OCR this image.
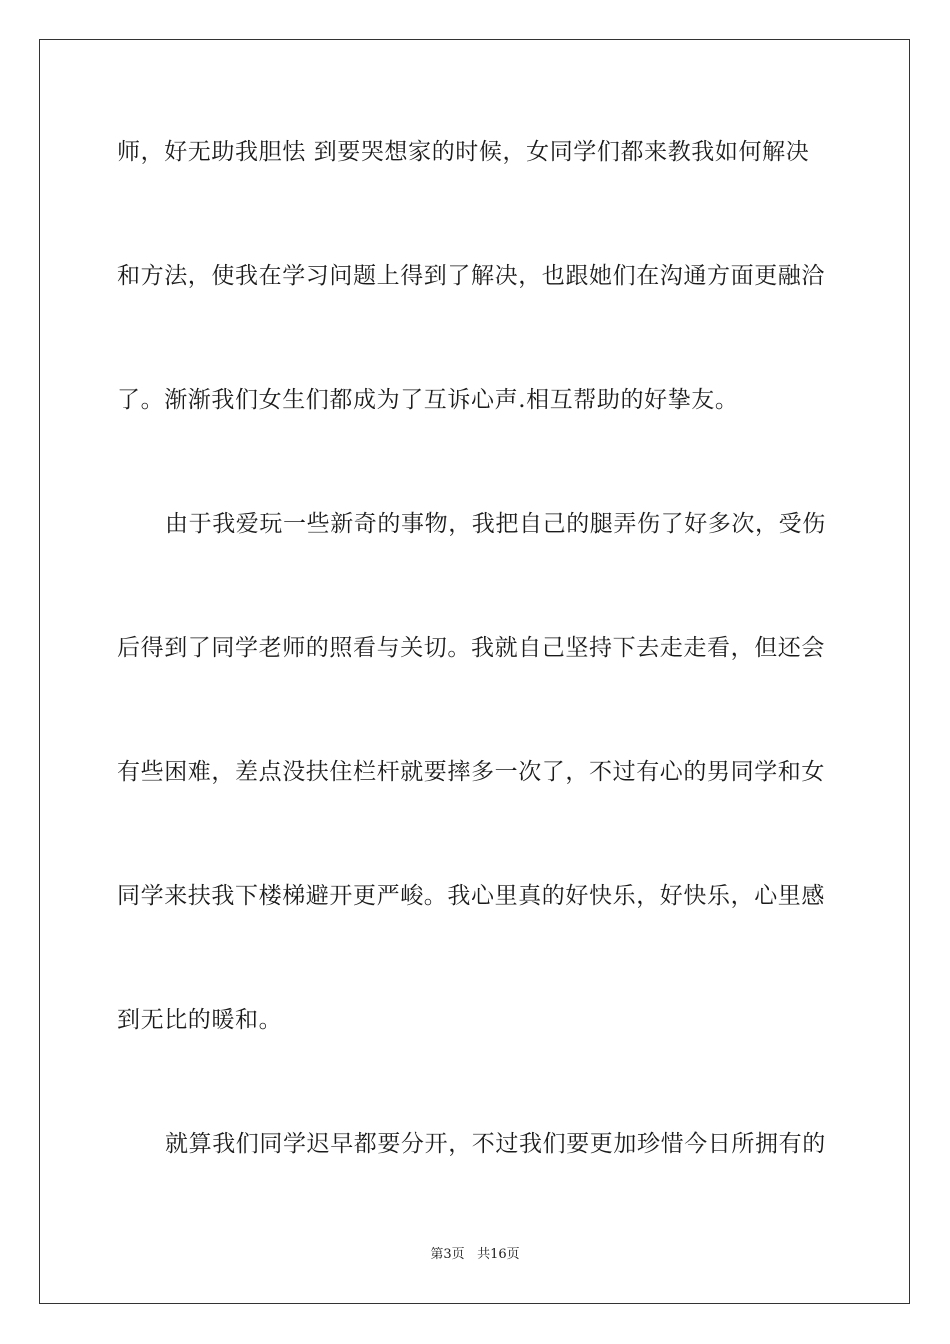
师，好无助我胆怯 到要哭想家的时候，女同学们都来教我如何解决
和方法，使我在学习问题上得到了解决，也跟她们在沟通方面更融洽
了。渐渐我们女生们都成为了互诉心声.相互帮助的好挚友。
由于我爱玩一些新奇的事物，我把自己的腿弄伤了好多次，受伤
后得到了同学老师的照看与关切。我就自己坚持下去走走看，但还会
有些困难，差点没扶住栏杆就要摔多一次了，不过有心的男同学和女
同学来扶我下楼梯避开更严峻。我心里真的好快乐，好快乐，心里感
到无比的暖和。
就算我们同学迟早都要分开，不过我们要更加珍惜今日所拥有的
第3页 共16页
